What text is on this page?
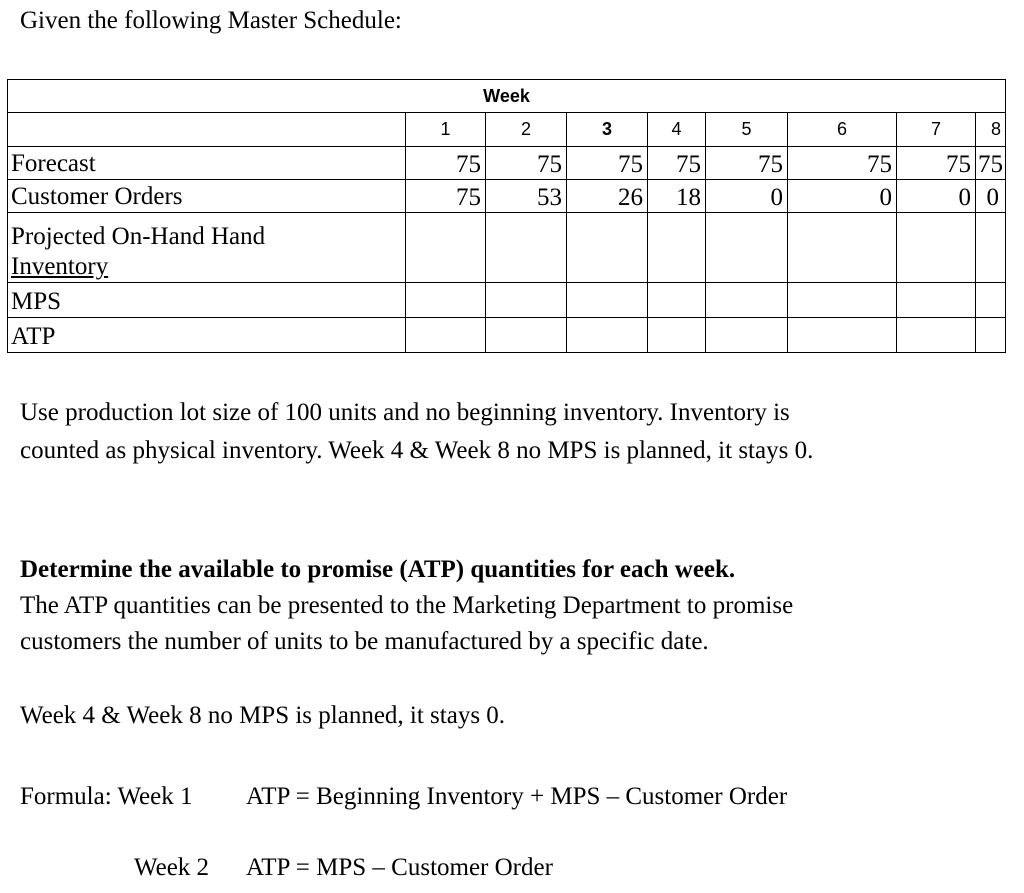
Given the following Master Schedule:
Week								
	1	2	3	4	5	6	7	8
Forecast	75	75	75	75	75	75	75	75
Customer Orders	75	53	26	18	0	0	0	0

Projected On-Hand Hand
Inventory								

MPS								
ATP								
Use production lot size of 100 units and no beginning inventory. Inventory is
counted as physical inventory. Week 4 & Week 8 no MPS is planned, it stays 0.
Determine the available to promise (ATP) quantities for each week.
The ATP quantities can be presented to the Marketing Department to promise
customers the number of units to be manufactured by a specific date.
Week 4 & Week 8 no MPS is planned, it stays 0.
Formula: Week 1 ATP = Beginning Inventory + MPS – Customer Order
Week 2 ATP = MPS – Customer Order
